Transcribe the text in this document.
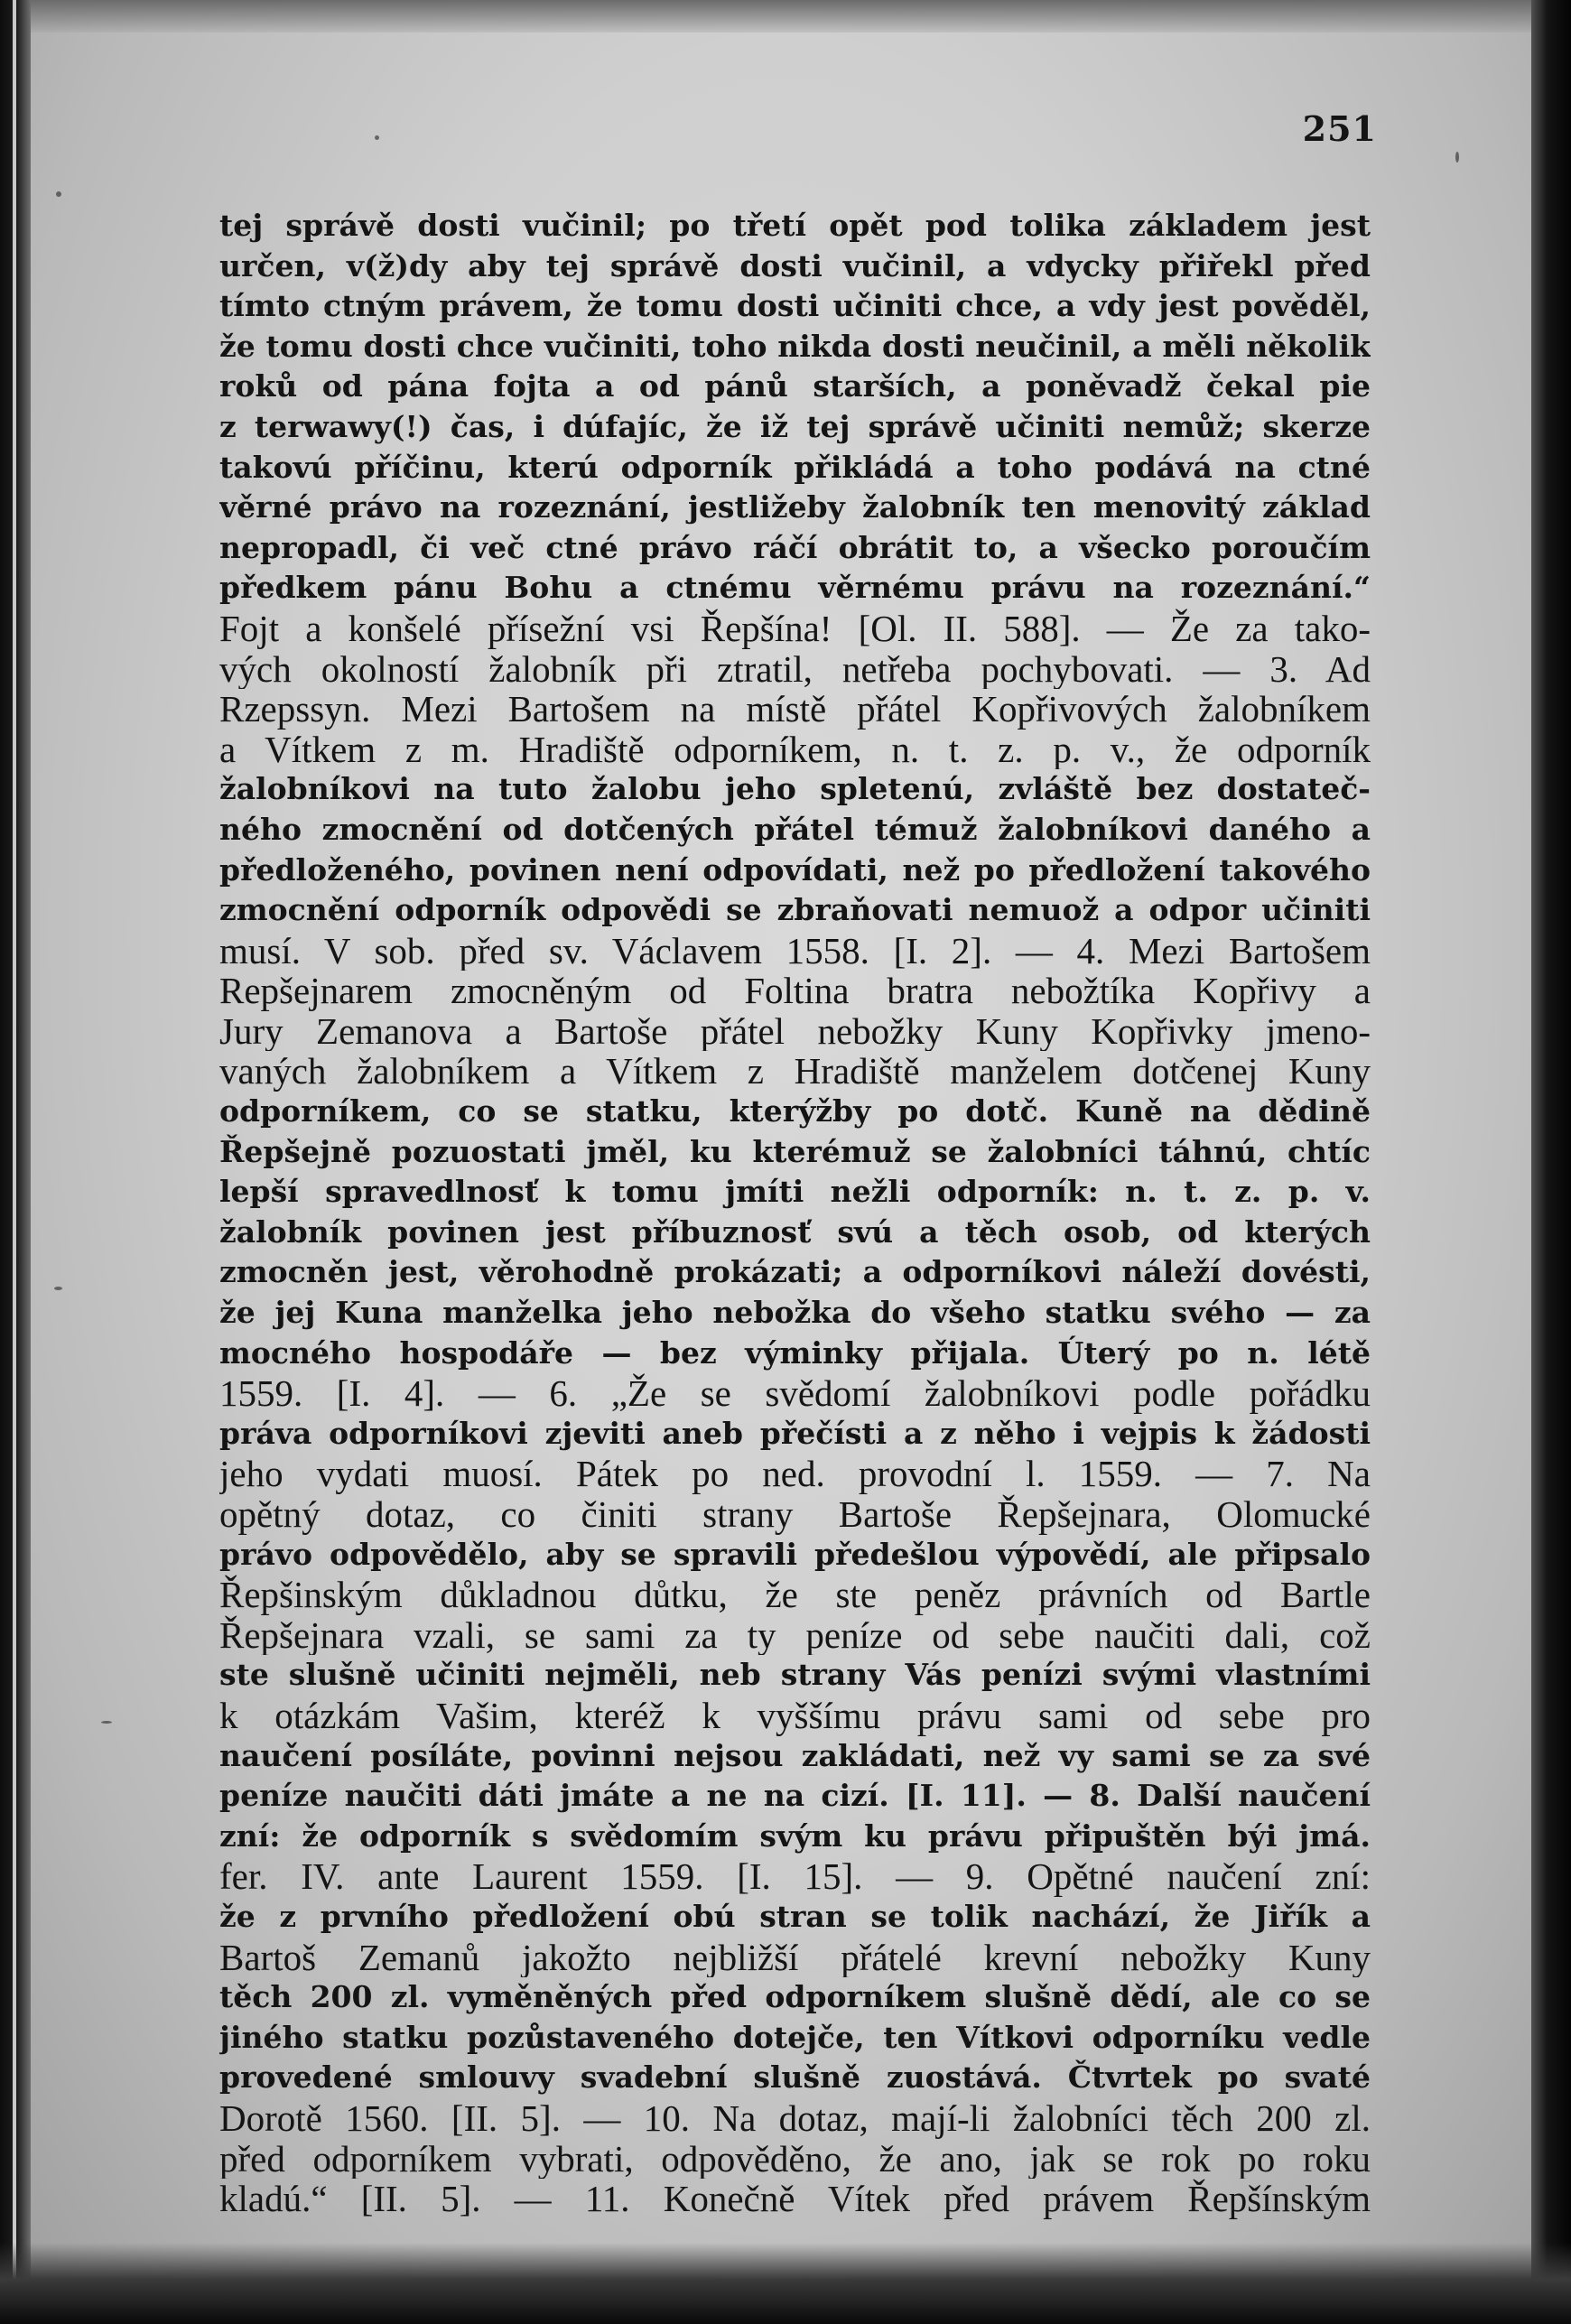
251
tej správě dosti vučinil; po třetí opět pod tolika základem jest
určen, v(ž)dy aby tej správě dosti vučinil, a vdycky přiřekl před
tímto ctným právem, že tomu dosti učiniti chce, a vdy jest pověděl,
že tomu dosti chce vučiniti, toho nikda dosti neučinil, a měli několik
roků od pána fojta a od pánů starších, a poněvadž čekal pie
z terwawy(!) čas, i dúfajíc, že iž tej správě učiniti nemůž; skerze
takovú příčinu, kterú odporník přikládá a toho podává na ctné
věrné právo na rozeznání, jestližeby žalobník ten menovitý základ
nepropadl, či več ctné právo ráčí obrátit to, a všecko poroučím
předkem pánu Bohu a ctnému věrnému právu na rozeznání.“
Fojt a konšelé přísežní vsi Řepšína! [Ol. II. 588]. — Že za tako-
vých okolností žalobník při ztratil, netřeba pochybovati. — 3. Ad
Rzepssyn. Mezi Bartošem na místě přátel Kopřivových žalobníkem
a Vítkem z m. Hradiště odporníkem, n. t. z. p. v., že odporník
žalobníkovi na tuto žalobu jeho spletenú, zvláště bez dostateč-
ného zmocnění od dotčených přátel témuž žalobníkovi daného a
předloženého, povinen není odpovídati, než po předložení takového
zmocnění odporník odpovědi se zbraňovati nemuož a odpor učiniti
musí. V sob. před sv. Václavem 1558. [I. 2]. — 4. Mezi Bartošem
Repšejnarem zmocněným od Foltina bratra nebožtíka Kopřivy a
Jury Zemanova a Bartoše přátel nebožky Kuny Kopřivky jmeno-
vaných žalobníkem a Vítkem z Hradiště manželem dotčenej Kuny
odporníkem, co se statku, kterýžby po dotč. Kuně na dědině
Řepšejně pozuostati jměl, ku kterémuž se žalobníci táhnú, chtíc
lepší spravedlnosť k tomu jmíti nežli odporník: n. t. z. p. v.
žalobník povinen jest příbuznosť svú a těch osob, od kterých
zmocněn jest, věrohodně prokázati; a odporníkovi náleží dovésti,
že jej Kuna manželka jeho nebožka do všeho statku svého — za
mocného hospodáře — bez výminky přijala. Úterý po n. létě
1559. [I. 4]. — 6. „Že se svědomí žalobníkovi podle pořádku
práva odporníkovi zjeviti aneb přečísti a z něho i vejpis k žádosti
jeho vydati muosí. Pátek po ned. provodní l. 1559. — 7. Na
opětný dotaz, co činiti strany Bartoše Řepšejnara, Olomucké
právo odpovědělo, aby se spravili předešlou výpovědí, ale připsalo
Řepšinským důkladnou důtku, že ste peněz právních od Bartle
Řepšejnara vzali, se sami za ty peníze od sebe naučiti dali, což
ste slušně učiniti nejměli, neb strany Vás penízi svými vlastními
k otázkám Vašim, kteréž k vyššímu právu sami od sebe pro
naučení posíláte, povinni nejsou zakládati, než vy sami se za své
peníze naučiti dáti jmáte a ne na cizí. [I. 11]. — 8. Další naučení
zní: že odporník s svědomím svým ku právu připuštěn býi jmá.
fer. IV. ante Laurent 1559. [I. 15]. — 9. Opětné naučení zní:
že z prvního předložení obú stran se tolik nachází, že Jiřík a
Bartoš Zemanů jakožto nejbližší přátelé krevní nebožky Kuny
těch 200 zl. vyměněných před odporníkem slušně dědí, ale co se
jiného statku pozůstaveného dotejče, ten Vítkovi odporníku vedle
provedené smlouvy svadební slušně zuostává. Čtvrtek po svaté
Dorotě 1560. [II. 5]. — 10. Na dotaz, mají-li žalobníci těch 200 zl.
před odporníkem vybrati, odpověděno, že ano, jak se rok po roku
kladú.“ [II. 5]. — 11. Konečně Vítek před právem Řepšínským
